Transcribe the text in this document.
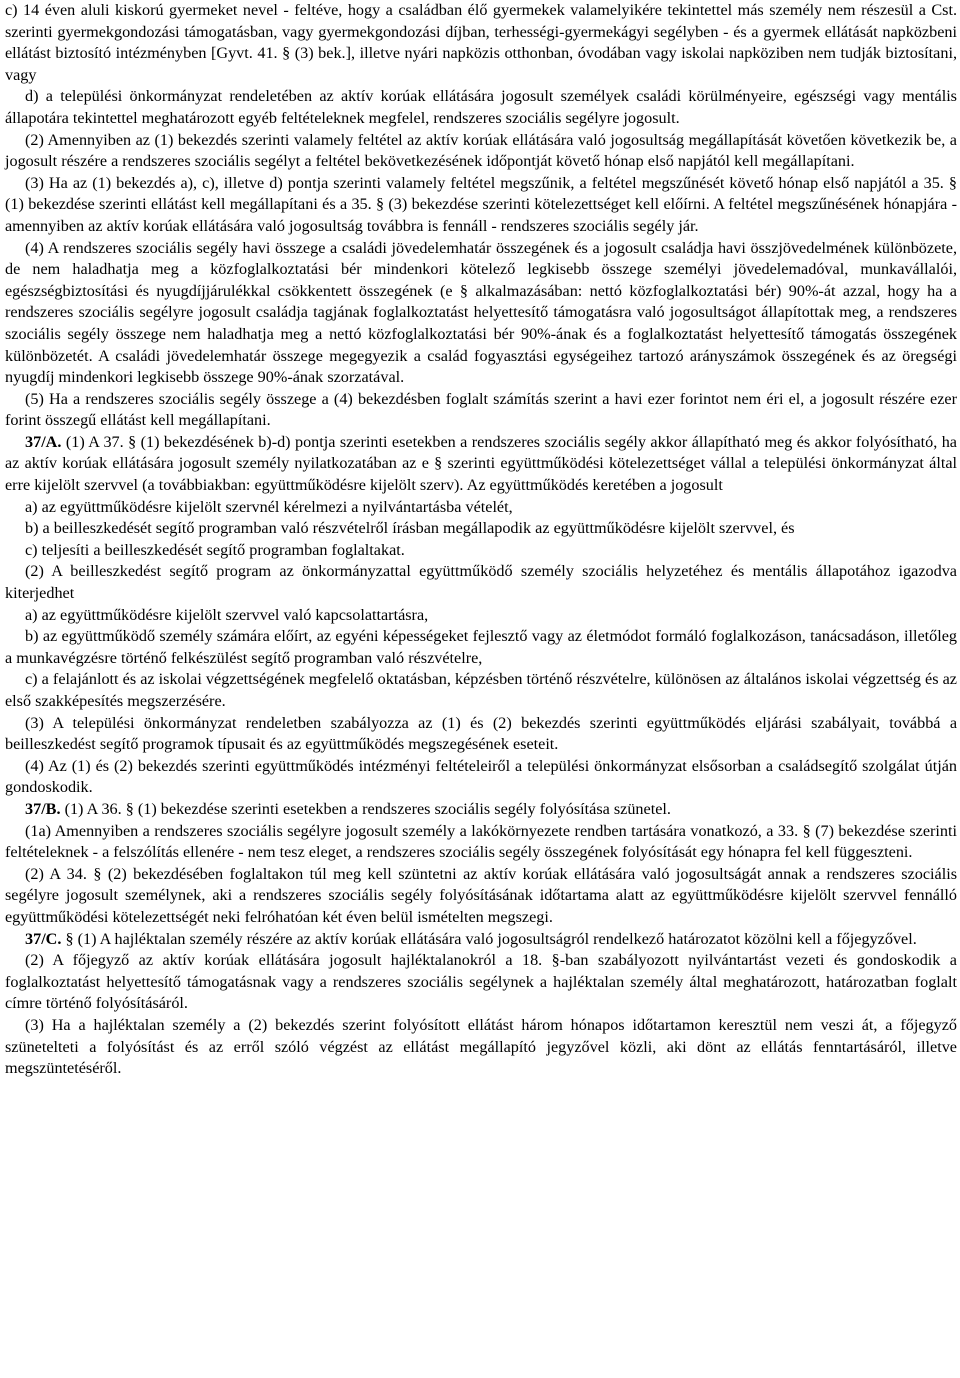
c) 14 éven aluli kiskorú gyermeket nevel - feltéve, hogy a családban élő gyermekek valamelyikére tekintettel más személy nem részesül a Cst. szerinti gyermekgondozási támogatásban, vagy gyermekgondozási díjban, terhességi-gyermekágyi segélyben - és a gyermek ellátását napközbeni ellátást biztosító intézményben [Gyvt. 41. § (3) bek.], illetve nyári napközis otthonban, óvodában vagy iskolai napköziben nem tudják biztosítani, vagy

d) a települési önkormányzat rendeletében az aktív korúak ellátására jogosult személyek családi körülményeire, egészségi vagy mentális állapotára tekintettel meghatározott egyéb feltételeknek megfelel, rendszeres szociális segélyre jogosult.

(2) Amennyiben az (1) bekezdés szerinti valamely feltétel az aktív korúak ellátására való jogosultság megállapítását követően következik be, a jogosult részére a rendszeres szociális segélyt a feltétel bekövetkezésének időpontját követő hónap első napjától kell megállapítani.

(3) Ha az (1) bekezdés a), c), illetve d) pontja szerinti valamely feltétel megszűnik, a feltétel megszűnését követő hónap első napjától a 35. § (1) bekezdése szerinti ellátást kell megállapítani és a 35. § (3) bekezdése szerinti kötelezettséget kell előírni. A feltétel megszűnésének hónapjára - amennyiben az aktív korúak ellátására való jogosultság továbbra is fennáll - rendszeres szociális segély jár.

(4) A rendszeres szociális segély havi összege a családi jövedelemhatár összegének és a jogosult családja havi összjövedelmének különbözete, de nem haladhatja meg a közfoglalkoztatási bér mindenkori kötelező legkisebb összege személyi jövedelemadóval, munkavállalói, egészségbiztosítási és nyugdíjjárulékkal csökkentett összegének (e § alkalmazásában: nettó közfoglalkoztatási bér) 90%-át azzal, hogy ha a rendszeres szociális segélyre jogosult családja tagjának foglalkoztatást helyettesítő támogatásra való jogosultságot állapítottak meg, a rendszeres szociális segély összege nem haladhatja meg a nettó közfoglalkoztatási bér 90%-ának és a foglalkoztatást helyettesítő támogatás összegének különbözetét. A családi jövedelemhatár összege megegyezik a család fogyasztási egységeihez tartozó arányszámok összegének és az öregségi nyugdíj mindenkori legkisebb összege 90%-ának szorzatával.

(5) Ha a rendszeres szociális segély összege a (4) bekezdésben foglalt számítás szerint a havi ezer forintot nem éri el, a jogosult részére ezer forint összegű ellátást kell megállapítani.

37/A. (1) A 37. § (1) bekezdésének b)-d) pontja szerinti esetekben a rendszeres szociális segély akkor állapítható meg és akkor folyósítható, ha az aktív korúak ellátására jogosult személy nyilatkozatában az e § szerinti együttműködési kötelezettséget vállal a települési önkormányzat által erre kijelölt szervvel (a továbbiakban: együttműködésre kijelölt szerv). Az együttműködés keretében a jogosult

a) az együttműködésre kijelölt szervnél kérelmezi a nyilvántartásba vételét,

b) a beilleszkedését segítő programban való részvételről írásban megállapodik az együttműködésre kijelölt szervvel, és

c) teljesíti a beilleszkedését segítő programban foglaltakat.

(2) A beilleszkedést segítő program az önkormányzattal együttműködő személy szociális helyzetéhez és mentális állapotához igazodva kiterjedhet

a) az együttműködésre kijelölt szervvel való kapcsolattartásra,

b) az együttműködő személy számára előírt, az egyéni képességeket fejlesztő vagy az életmódot formáló foglalkozáson, tanácsadáson, illetőleg a munkavégzésre történő felkészülést segítő programban való részvételre,

c) a felajánlott és az iskolai végzettségének megfelelő oktatásban, képzésben történő részvételre, különösen az általános iskolai végzettség és az első szakképesítés megszerzésére.

(3) A települési önkormányzat rendeletben szabályozza az (1) és (2) bekezdés szerinti együttműködés eljárási szabályait, továbbá a beilleszkedést segítő programok típusait és az együttműködés megszegésének eseteit.

(4) Az (1) és (2) bekezdés szerinti együttműködés intézményi feltételeiről a települési önkormányzat elsősorban a családsegítő szolgálat útján gondoskodik.

37/B. (1) A 36. § (1) bekezdése szerinti esetekben a rendszeres szociális segély folyósítása szünetel.

(1a) Amennyiben a rendszeres szociális segélyre jogosult személy a lakókörnyezete rendben tartására vonatkozó, a 33. § (7) bekezdése szerinti feltételeknek - a felszólítás ellenére - nem tesz eleget, a rendszeres szociális segély összegének folyósítását egy hónapra fel kell függeszteni.

(2) A 34. § (2) bekezdésében foglaltakon túl meg kell szüntetni az aktív korúak ellátására való jogosultságát annak a rendszeres szociális segélyre jogosult személynek, aki a rendszeres szociális segély folyósításának időtartama alatt az együttműködésre kijelölt szervvel fennálló együttműködési kötelezettségét neki felróhatóan két éven belül ismételten megszegi.

37/C. § (1) A hajléktalan személy részére az aktív korúak ellátására való jogosultságról rendelkező határozatot közölni kell a főjegyzővel.

(2) A főjegyző az aktív korúak ellátására jogosult hajléktalanokról a 18. §-ban szabályozott nyilvántartást vezeti és gondoskodik a foglalkoztatást helyettesítő támogatásnak vagy a rendszeres szociális segélynek a hajléktalan személy által meghatározott, határozatban foglalt címre történő folyósításáról.

(3) Ha a hajléktalan személy a (2) bekezdés szerint folyósított ellátást három hónapos időtartamon keresztül nem veszi át, a főjegyző szünetelteti a folyósítást és az erről szóló végzést az ellátást megállapító jegyzővel közli, aki dönt az ellátás fenntartásáról, illetve megszüntetéséről.
